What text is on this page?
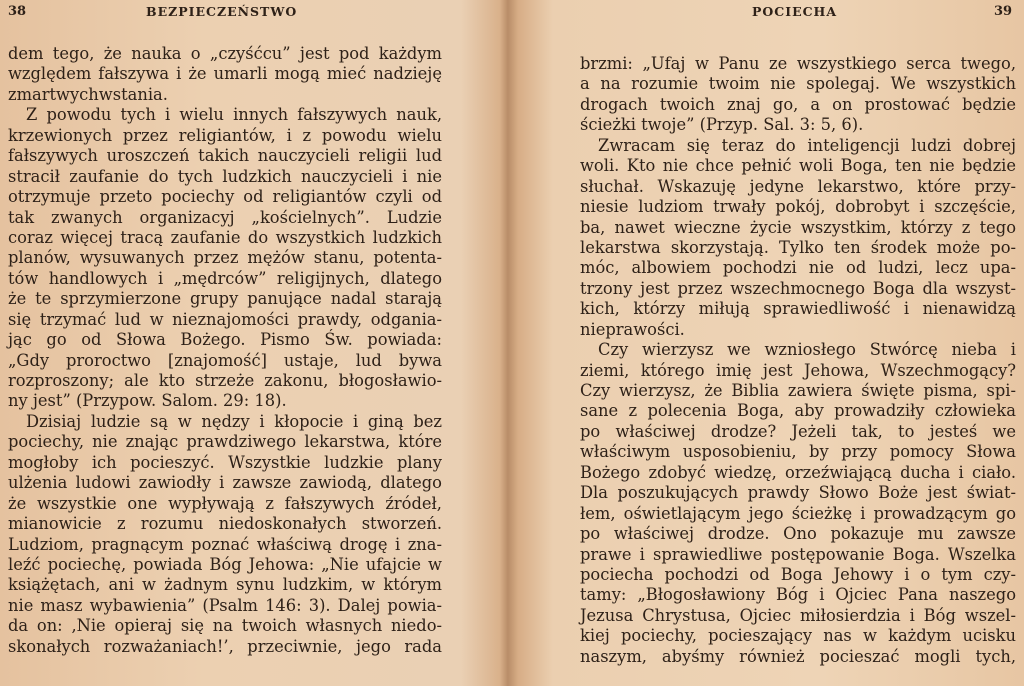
38	BEZPIECZEŃSTWO
dem tego, że nauka o „czyśćcu” jest pod każdym
względem fałszywa i że umarli mogą mieć nadzieję
zmartwychwstania.
Z powodu tych i wielu innych fałszywych nauk,
krzewionych przez religiantów, i z powodu wielu
fałszywych uroszczeń takich nauczycieli religii lud
stracił zaufanie do tych ludzkich nauczycieli i nie
otrzymuje przeto pociechy od religiantów czyli od
tak zwanych organizacyj „kościelnych”. Ludzie
coraz więcej tracą zaufanie do wszystkich ludzkich
planów, wysuwanych przez mężów stanu, potenta-
tów handlowych i „mędrców” religijnych, dlatego
że te sprzymierzone grupy panujące nadal starają
się trzymać lud w nieznajomości prawdy, odgania-
jąc go od Słowa Bożego. Pismo Św. powiada:
„Gdy proroctwo [znajomość] ustaje, lud bywa
rozproszony; ale kto strzeże zakonu, błogosławio-
ny jest” (Przypow. Salom. 29: 18).
Dzisiaj ludzie są w nędzy i kłopocie i giną bez
pociechy, nie znając prawdziwego lekarstwa, które
mogłoby ich pocieszyć. Wszystkie ludzkie plany
ulżenia ludowi zawiodły i zawsze zawiodą, dlatego
że wszystkie one wypływają z fałszywych źródeł,
mianowicie z rozumu niedoskonałych stworzeń.
Ludziom, pragnącym poznać właściwą drogę i zna-
leźć pociechę, powiada Bóg Jehowa: „Nie ufajcie w
książętach, ani w żadnym synu ludzkim, w którym
nie masz wybawienia” (Psalm 146: 3). Dalej powia-
da on: ‚Nie opieraj się na twoich własnych niedo-
skonałych rozważaniach!’, przeciwnie, jego rada
POCIECHA	39
brzmi: „Ufaj w Panu ze wszystkiego serca twego,
a na rozumie twoim nie spolegaj. We wszystkich
drogach twoich znaj go, a on prostować będzie
ścieżki twoje” (Przyp. Sal. 3: 5, 6).
Zwracam się teraz do inteligencji ludzi dobrej
woli. Kto nie chce pełnić woli Boga, ten nie będzie
słuchał. Wskazuję jedyne lekarstwo, które przy-
niesie ludziom trwały pokój, dobrobyt i szczęście,
ba, nawet wieczne życie wszystkim, którzy z tego
lekarstwa skorzystają. Tylko ten środek może po-
móc, albowiem pochodzi nie od ludzi, lecz upa-
trzony jest przez wszechmocnego Boga dla wszyst-
kich, którzy miłują sprawiedliwość i nienawidzą
nieprawości.
Czy wierzysz we wzniosłego Stwórcę nieba i
ziemi, którego imię jest Jehowa, Wszechmogący?
Czy wierzysz, że Biblia zawiera święte pisma, spi-
sane z polecenia Boga, aby prowadziły człowieka
po właściwej drodze? Jeżeli tak, to jesteś we
właściwym usposobieniu, by przy pomocy Słowa
Bożego zdobyć wiedzę, orzeźwiającą ducha i ciało.
Dla poszukujących prawdy Słowo Boże jest świat-
łem, oświetlającym jego ścieżkę i prowadzącym go
po właściwej drodze. Ono pokazuje mu zawsze
prawe i sprawiedliwe postępowanie Boga. Wszelka
pociecha pochodzi od Boga Jehowy i o tym czy-
tamy: „Błogosławiony Bóg i Ojciec Pana naszego
Jezusa Chrystusa, Ojciec miłosierdzia i Bóg wszel-
kiej pociechy, pocieszający nas w każdym ucisku
naszym, abyśmy również pocieszać mogli tych,
